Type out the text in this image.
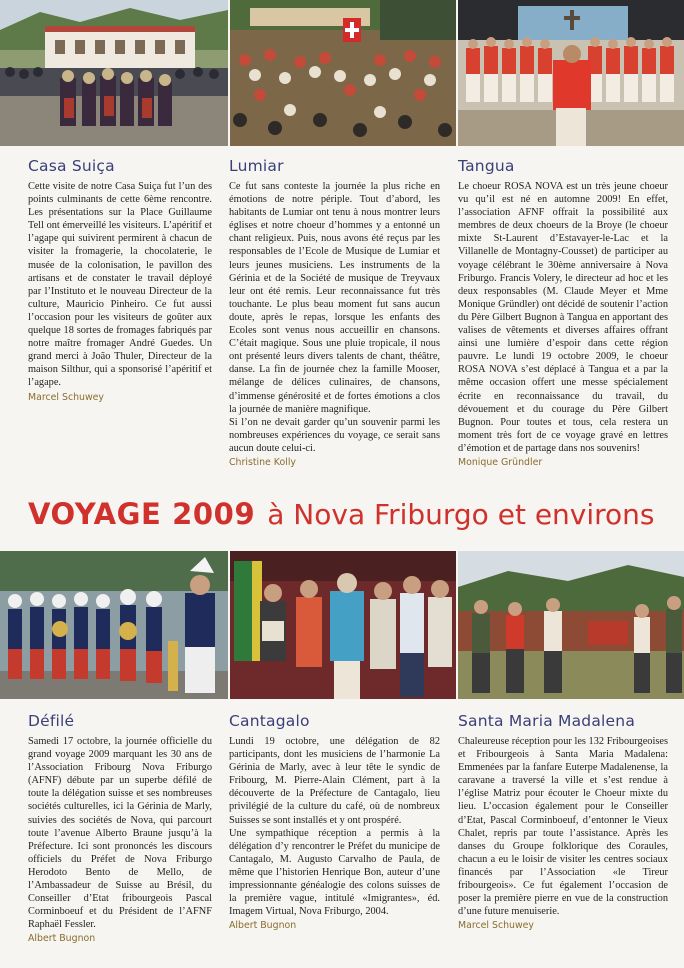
Casa Suiça

Cette visite de notre Casa Suiça fut l’un des points culminants de cette 6ème rencontre. Les présentations sur la Place Guillaume Tell ont émerveillé les visiteurs. L’apéritif et l’agape qui suivirent permirent à chacun de visiter la fromagerie, la chocolaterie, le musée de la colonisation, le pavillon des artisans et de constater le travail déployé par l’Instituto et le nouveau Directeur de la culture, Mauricio Pinheiro. Ce fut aussi l’occasion pour les visiteurs de goûter aux quelque 18 sortes de fromages fabriqués par notre maître fromager André Guedes. Un grand merci à João Thuler, Directeur de la maison Silthur, qui a sponsorisé l’apéritif et l’agape.

Marcel Schuwey
Lumiar

Ce fut sans conteste la journée la plus riche en émotions de notre périple. Tout d’abord, les habitants de Lumiar ont tenu à nous montrer leurs églises et notre choeur d’hommes y a entonné un chant religieux. Puis, nous avons été reçus par les responsables de l’Ecole de Musique de Lumiar et leurs jeunes musiciens. Les instruments de la Gérinia et de la Société de musique de Treyvaux leur ont été remis. Leur reconnaissance fut très touchante. Le plus beau moment fut sans aucun doute, après le repas, lorsque les enfants des Ecoles sont venus nous accueillir en chansons. C’était magique. Sous une pluie tropicale, il nous ont présenté leurs divers talents de chant, théâtre, danse. La fin de journée chez la famille Mooser, mélange de délices culinaires, de chansons, d’immense générosité et de fortes émotions a clos la journée de manière magnifique.

Si l’on ne devait garder qu’un souvenir parmi les nombreuses expériences du voyage, ce serait sans aucun doute celui-ci.

Christine Kolly
Tangua

Le choeur ROSA NOVA est un très jeune choeur vu qu’il est né en automne 2009! En effet, l’association AFNF offrait la possibilité aux membres de deux choeurs de la Broye (le choeur mixte St-Laurent d’Estavayer-le-Lac et la Villanelle de Montagny-Cousset) de participer au voyage célébrant le 30ème anniversaire à Nova Friburgo. Francis Volery, le directeur ad hoc et les deux responsables (M. Claude Meyer et Mme Monique Gründler) ont décidé de soutenir l’action du Père Gilbert Bugnon à Tangua en apportant des valises de vêtements et diverses affaires offrant ainsi une lumière d’espoir dans cette région pauvre. Le lundi 19 octobre 2009, le choeur ROSA NOVA s’est déplacé à Tangua et a par la même occasion offert une messe spécialement écrite en reconnaissance du travail, du dévouement et du courage du Père Gilbert Bugnon. Pour toutes et tous, cela restera un moment très fort de ce voyage gravé en lettres d’émotion et de partage dans nos souvenirs!

Monique Gründler
VOYAGE 2009 à Nova Friburgo et environs
Défilé

Samedi 17 octobre, la journée officielle du grand voyage 2009 marquant les 30 ans de l’Association Fribourg Nova Friburgo (AFNF) débute par un superbe défilé de toute la délégation suisse et ses nombreuses sociétés culturelles, ici la Gérinia de Marly, suivies des sociétés de Nova, qui parcourt toute l’avenue Alberto Braune jusqu’à la Préfecture. Ici sont prononcés les discours officiels du Préfet de Nova Friburgo Herodoto Bento de Mello, de l’Ambassadeur de Suisse au Brésil, du Conseiller d’Etat fribourgeois Pascal Corminboeuf et du Président de l’AFNF Raphaël Fessler.

Albert Bugnon
Cantagalo

Lundi 19 octobre, une délégation de 82 participants, dont les musiciens de l’harmonie La Gérinia de Marly, avec à leur tête le syndic de Fribourg, M. Pierre-Alain Clément, part à la découverte de la Préfecture de Cantagalo, lieu privilégié de la culture du café, où de nombreux Suisses se sont installés et y ont prospéré.

Une sympathique réception a permis à la délégation d’y rencontrer le Préfet du municipe de Cantagalo, M. Augusto Carvalho de Paula, de même que l’historien Henrique Bon, auteur d’une impressionnante généalogie des colons suisses de la première vague, intitulé «Imigrantes», éd. Imagem Virtual, Nova Friburgo, 2004.

Albert Bugnon
Santa Maria Madalena

Chaleureuse réception pour les 132 Fribourgeoises et Fribourgeois à Santa Maria Madalena: Emmenées par la fanfare Euterpe Madalenense, la caravane a traversé la ville et s’est rendue à l’église Matriz pour écouter le Choeur mixte du lieu. L’occasion également pour le Conseiller d’Etat, Pascal Corminboeuf, d’entonner le Vieux Chalet, repris par toute l’assistance. Après les danses du Groupe folklorique des Coraules, chacun a eu le loisir de visiter les centres sociaux financés par l’Association «le Tireur fribourgeois». Ce fut également l’occasion de poser la première pierre en vue de la construction d’une future menuiserie.

Marcel Schuwey
